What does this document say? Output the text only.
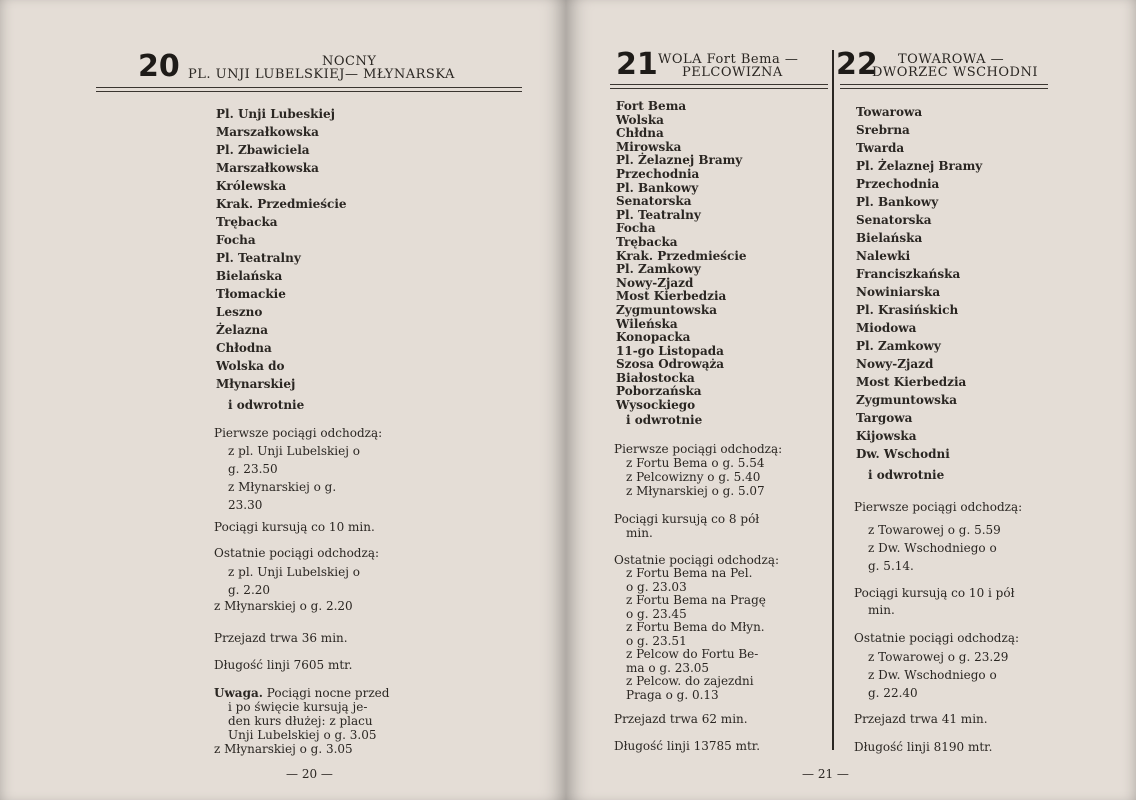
20	NOCNY
PL. UNJI LUBELSKIEJ— MŁYNARSKA
Pl. Unji Lubeskiej
Marszałkowska
Pl. Zbawiciela
Marszałkowska
Królewska
Krak. Przedmieście
Trębacka
Focha
Pl. Teatralny
Bielańska
Tłomackie
Leszno
Żelazna
Chłodna
Wolska do
Młynarskiej
i odwrotnie
Pierwsze pociągi odchodzą:
z pl. Unji Lubelskiej o
g. 23.50
z Młynarskiej o g.
23.30
Pociągi kursują co 10 min.
Ostatnie pociągi odchodzą:
z pl. Unji Lubelskiej o
g. 2.20
z Młynarskiej o g. 2.20
Przejazd trwa 36 min.
Długość linji 7605 mtr.
Uwaga. Pociągi nocne przed
i po święcie kursują je-
den kurs dłużej: z placu
Unji Lubelskiej o g. 3.05
z Młynarskiej o g. 3.05
— 20 —
21 WOLA Fort Bema —
PELCOWIZNA 22 TOWAROWA —
DWORZEC WSCHODNI
Fort Bema
Wolska
Chłdna
Mirowska
Pl. Żelaznej Bramy
Przechodnia
Pl. Bankowy
Senatorska
Pl. Teatralny
Focha
Trębacka
Krak. Przedmieście
Pl. Zamkowy
Nowy-Zjazd
Most Kierbedzia
Zygmuntowska
Wileńska
Konopacka
11-go Listopada
Szosa Odrowąża
Białostocka
Poborzańska
Wysockiego
i odwrotnie
Pierwsze pociągi odchodzą:
z Fortu Bema o g. 5.54
z Pelcowizny o g. 5.40
z Młynarskiej o g. 5.07
Pociągi kursują co 8 pół
min.
Ostatnie pociągi odchodzą:
z Fortu Bema na Pel.
o g. 23.03
z Fortu Bema na Pragę
o g. 23.45
z Fortu Bema do Młyn.
o g. 23.51
z Pelcow do Fortu Be-
ma o g. 23.05
z Pelcow. do zajezdni
Praga o g. 0.13
Przejazd trwa 62 min.
Długość linji 13785 mtr.
Towarowa
Srebrna
Twarda
Pl. Żelaznej Bramy
Przechodnia
Pl. Bankowy
Senatorska
Bielańska
Nalewki
Franciszkańska
Nowiniarska
Pl. Krasińskich
Miodowa
Pl. Zamkowy
Nowy-Zjazd
Most Kierbedzia
Zygmuntowska
Targowa
Kijowska
Dw. Wschodni
i odwrotnie
Pierwsze pociągi odchodzą:
z Towarowej o g. 5.59
z Dw. Wschodniego o
g. 5.14.
Pociągi kursują co 10 i pół
min.
Ostatnie pociągi odchodzą:
z Towarowej o g. 23.29
z Dw. Wschodniego o
g. 22.40
Przejazd trwa 41 min.
Długość linji 8190 mtr.
— 21 —
